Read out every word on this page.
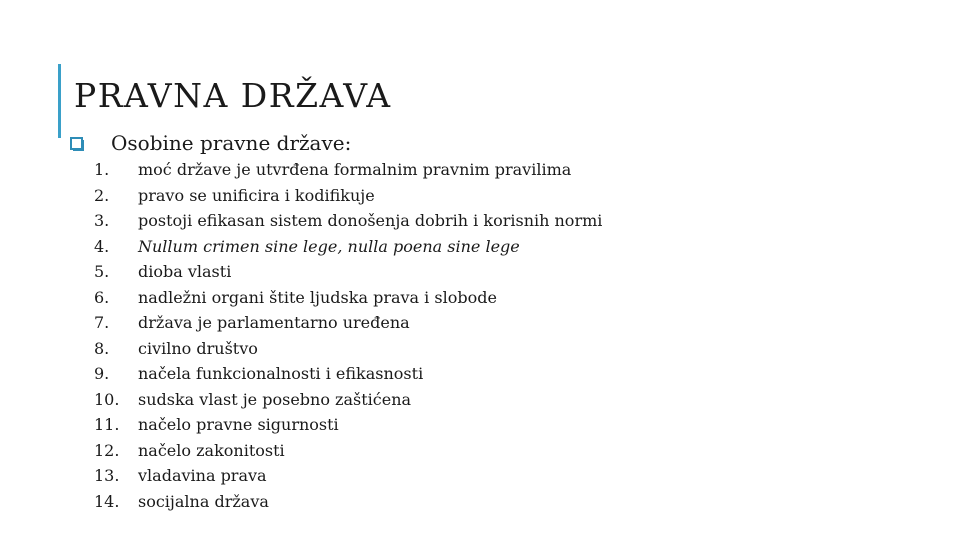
PRAVNA DRŽAVA
Osobine pravne države:
1.	moć države je utvrđena formalnim pravnim pravilima
2.	pravo se unificira i kodifikuje
3.	postoji efikasan sistem donošenja dobrih i korisnih normi
4.	Nullum crimen sine lege, nulla poena sine lege
5.	dioba vlasti
6.	nadležni organi štite ljudska prava i slobode
7.	država je parlamentarno uređena
8.	civilno društvo
9.	načela funkcionalnosti i efikasnosti
10.	sudska vlast je posebno zaštićena
11.	načelo pravne sigurnosti
12.	načelo zakonitosti
13.	vladavina prava
14.	socijalna država
